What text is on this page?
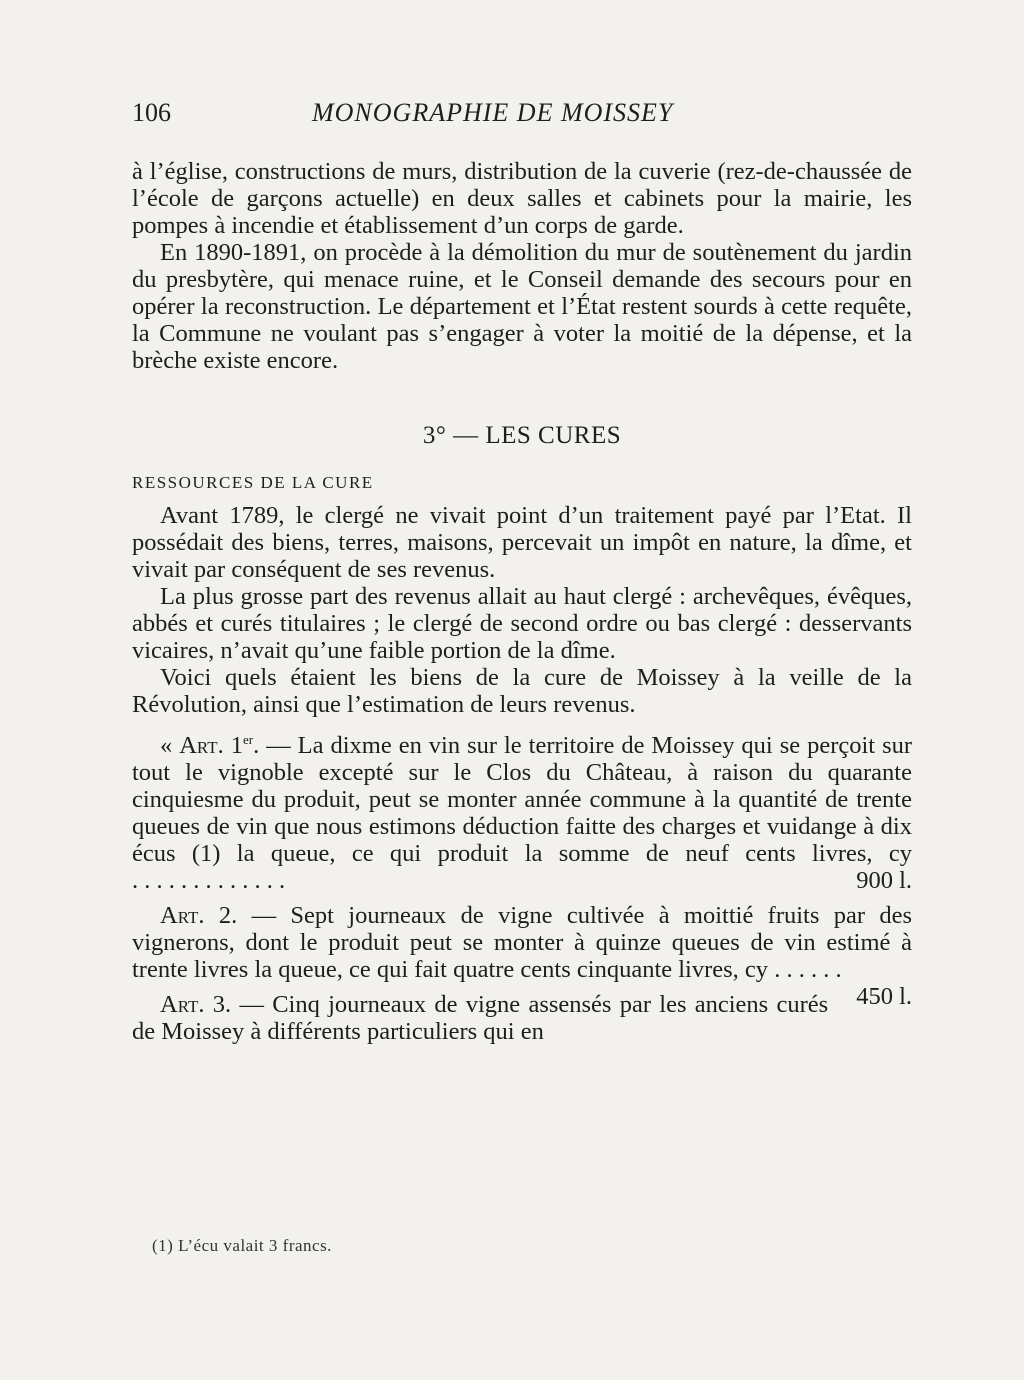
106	MONOGRAPHIE DE MOISSEY

à l’église, constructions de murs, distribution de la cuverie (rez-de-chaussée de l’école de garçons actuelle) en deux salles et cabinets pour la mairie, les pompes à incendie et établissement d’un corps de garde.

En 1890-1891, on procède à la démolition du mur de soutènement du jardin du presbytère, qui menace ruine, et le Conseil demande des secours pour en opérer la reconstruction. Le département et l’État restent sourds à cette requête, la Commune ne voulant pas s’engager à voter la moitié de la dépense, et la brèche existe encore.

3° — LES CURES
RESSOURCES DE LA CURE

Avant 1789, le clergé ne vivait point d’un traitement payé par l’Etat. Il possédait des biens, terres, maisons, percevait un impôt en nature, la dîme, et vivait par conséquent de ses revenus.

La plus grosse part des revenus allait au haut clergé : archevêques, évêques, abbés et curés titulaires ; le clergé de second ordre ou bas clergé : desservants vicaires, n’avait qu’une faible portion de la dîme.

Voici quels étaient les biens de la cure de Moissey à la veille de la Révolution, ainsi que l’estimation de leurs revenus.

« Art. 1er. — La dixme en vin sur le territoire de Moissey qui se perçoit sur tout le vignoble excepté sur le Clos du Château, à raison du quarante cinquiesme du produit, peut se monter année commune à la quantité de trente queues de vin que nous estimons déduction faitte des charges et vuidange à dix écus (1) la queue, ce qui produit la somme de neuf cents livres, cy . . . . . . . . . . . . .	900 l.

Art. 2. — Sept journeaux de vigne cultivée à moittié fruits par des vignerons, dont le produit peut se monter à quinze queues de vin estimé à trente livres la queue, ce qui fait quatre cents cinquante livres, cy . . . . . .
450 l.

Art. 3. — Cinq journeaux de vigne assensés par les anciens curés de Moissey à différents particuliers qui en

(1) L’écu valait 3 francs.
